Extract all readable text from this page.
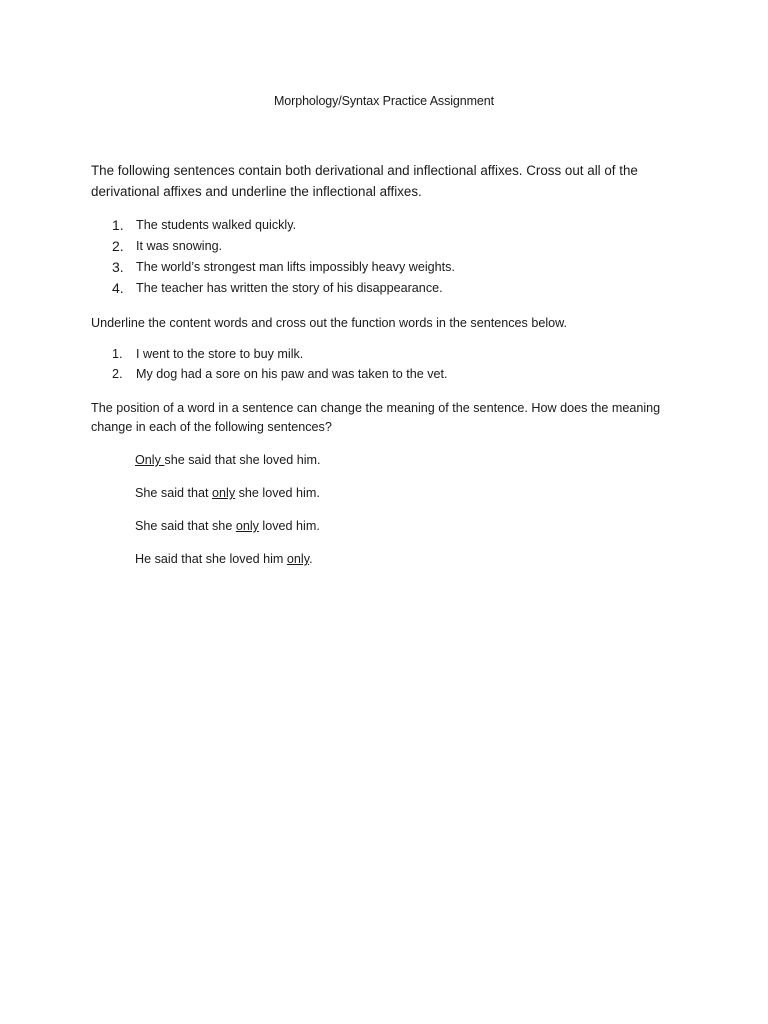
Morphology/Syntax Practice Assignment
The following sentences contain both derivational and inflectional affixes. Cross out all of the derivational affixes and underline the inflectional affixes.
1. The students walked quickly.
2. It was snowing.
3. The world’s strongest man lifts impossibly heavy weights.
4. The teacher has written the story of his disappearance.
Underline the content words and cross out the function words in the sentences below.
1.	I went to the store to buy milk.
2.	My dog had a sore on his paw and was taken to the vet.
The position of a word in a sentence can change the meaning of the sentence. How does the meaning change in each of the following sentences?
Only she said that she loved him.
She said that only she loved him.
She said that she only loved him.
He said that she loved him only.
